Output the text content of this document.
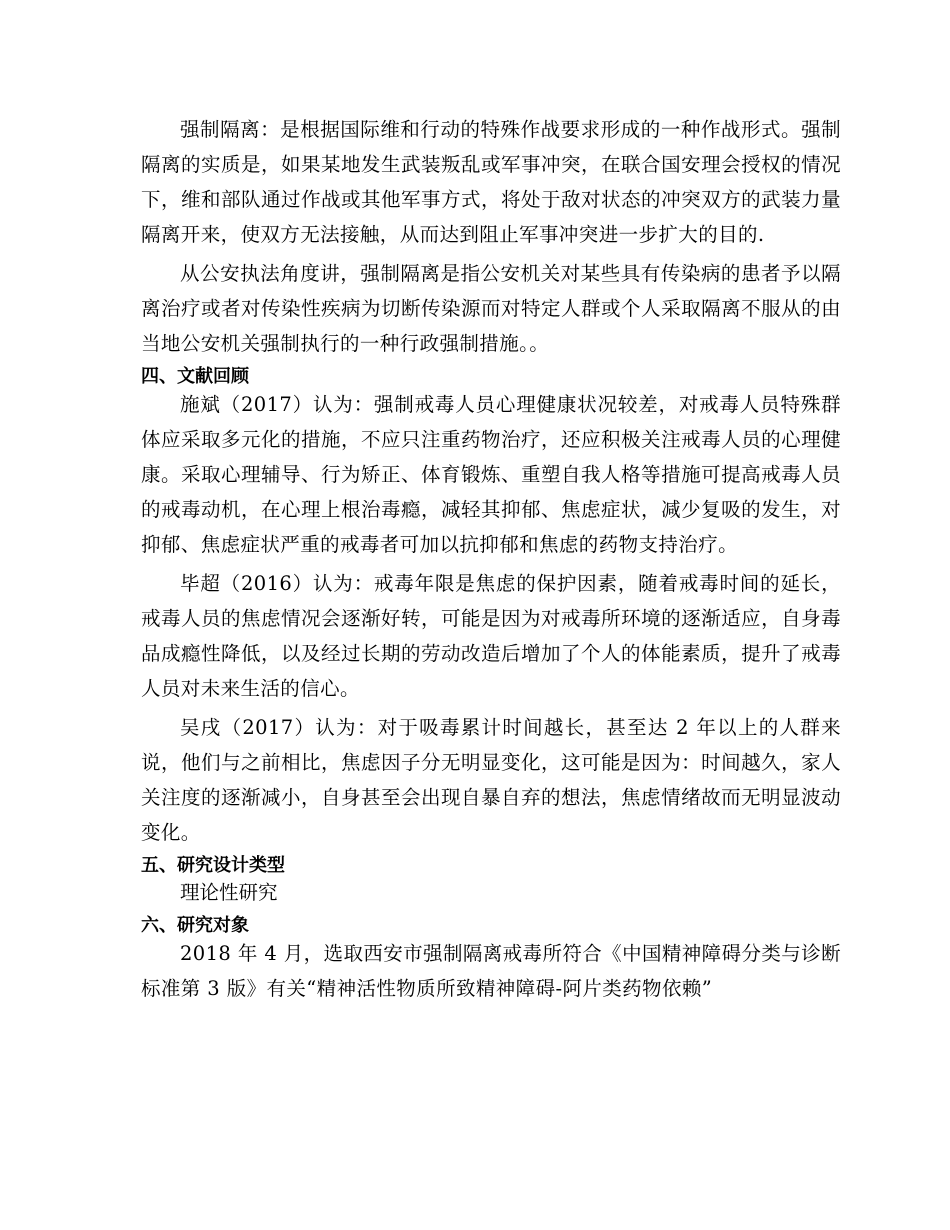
强制隔离：是根据国际维和行动的特殊作战要求形成的一种作战形式。强制隔离的实质是，如果某地发生武装叛乱或军事冲突，在联合国安理会授权的情况下，维和部队通过作战或其他军事方式，将处于敌对状态的冲突双方的武装力量隔离开来，使双方无法接触，从而达到阻止军事冲突进一步扩大的目的.

从公安执法角度讲，强制隔离是指公安机关对某些具有传染病的患者予以隔离治疗或者对传染性疾病为切断传染源而对特定人群或个人采取隔离不服从的由当地公安机关强制执行的一种行政强制措施。。

四、文献回顾

施斌（2017）认为：强制戒毒人员心理健康状况较差，对戒毒人员特殊群体应采取多元化的措施，不应只注重药物治疗，还应积极关注戒毒人员的心理健康。采取心理辅导、行为矫正、体育锻炼、重塑自我人格等措施可提高戒毒人员的戒毒动机，在心理上根治毒瘾，减轻其抑郁、焦虑症状，减少复吸的发生，对抑郁、焦虑症状严重的戒毒者可加以抗抑郁和焦虑的药物支持治疗。

毕超（2016）认为：戒毒年限是焦虑的保护因素，随着戒毒时间的延长，戒毒人员的焦虑情况会逐渐好转，可能是因为对戒毒所环境的逐渐适应，自身毒品成瘾性降低，以及经过长期的劳动改造后增加了个人的体能素质，提升了戒毒人员对未来生活的信心。

吴戌（2017）认为：对于吸毒累计时间越长，甚至达 2 年以上的人群来说，他们与之前相比，焦虑因子分无明显变化，这可能是因为：时间越久，家人关注度的逐渐减小，自身甚至会出现自暴自弃的想法，焦虑情绪故而无明显波动变化。

五、研究设计类型

理论性研究

六、研究对象

2018 年 4 月，选取西安市强制隔离戒毒所符合《中国精神障碍分类与诊断标准第 3 版》有关“精神活性物质所致精神障碍-阿片类药物依赖”
